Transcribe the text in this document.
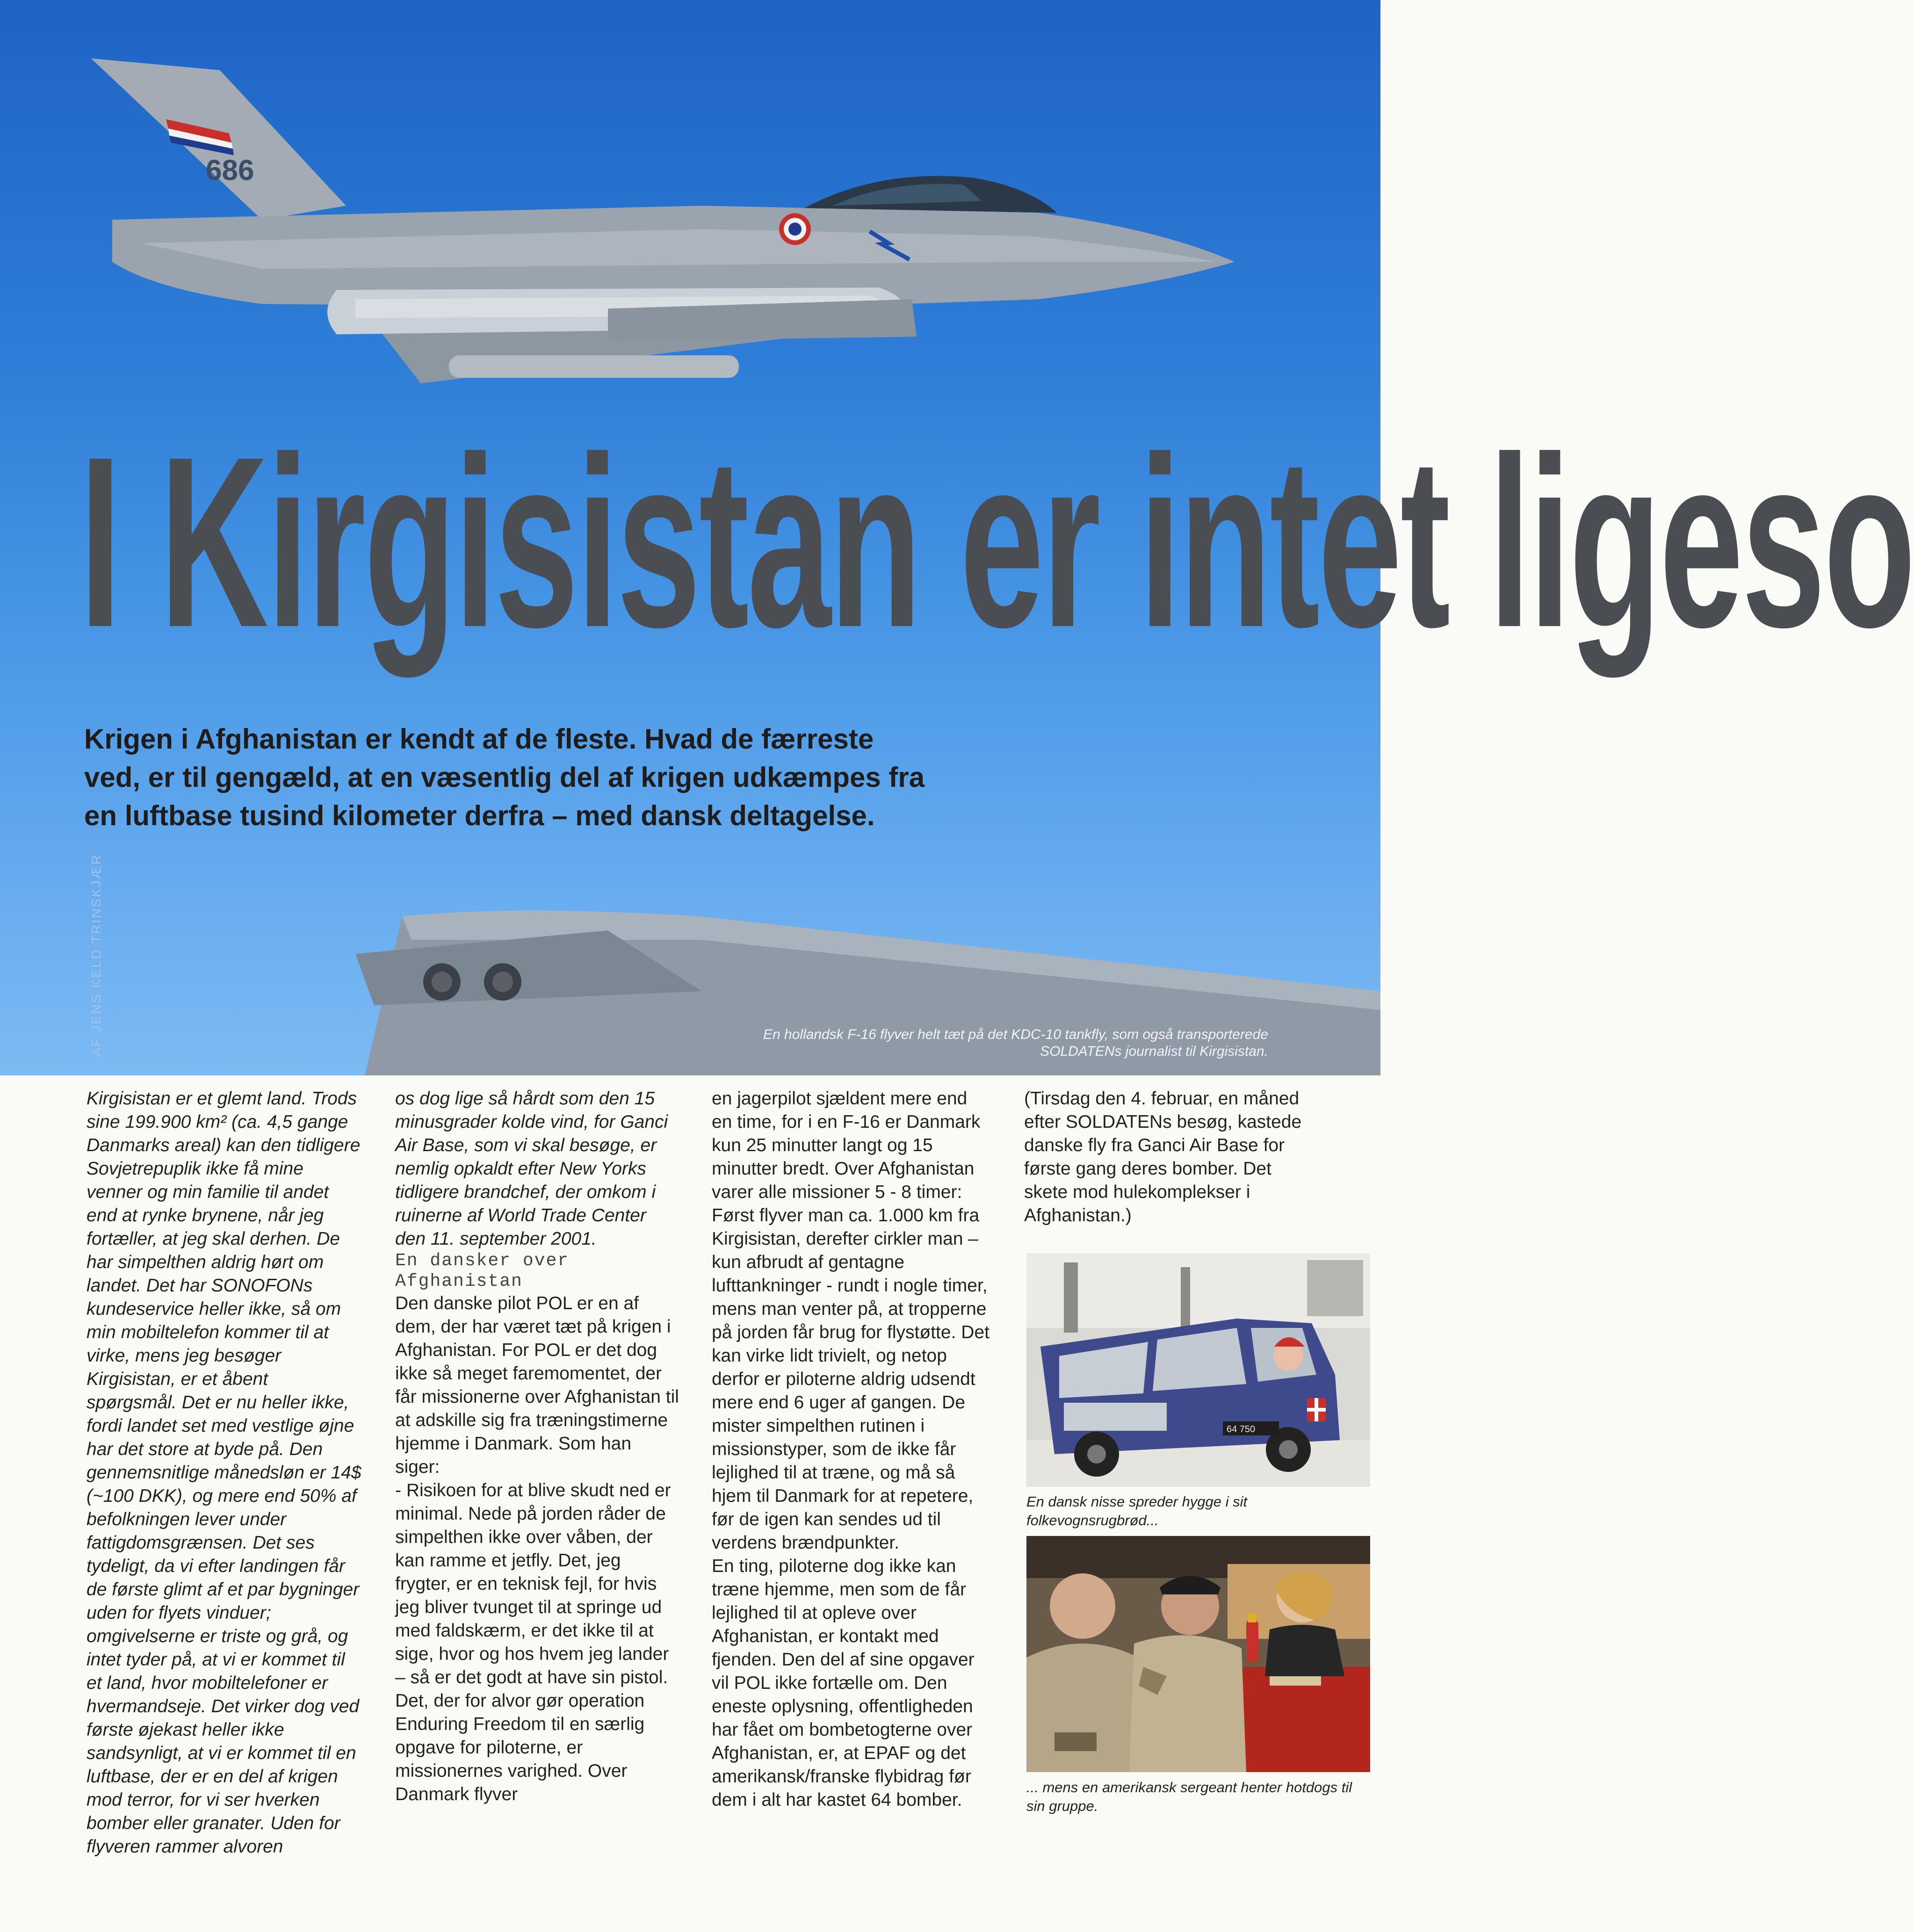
686
I Kirgisistan er intet ligeso
Krigen i Afghanistan er kendt af de fleste. Hvad de færreste ved, er til gengæld, at en væsentlig del af krigen udkæmpes fra en luftbase tusind kilometer derfra – med dansk deltagelse.
AF JENS KELD TRINSKJÆR	En hollandsk F-16 flyver helt tæt på det KDC-10 tankfly, som også transporterede SOLDATENs journalist til Kirgisistan.

Kirgisistan er et glemt land. Trods sine 199.900 km² (ca. 4,5 gange Danmarks areal) kan den tidligere Sovjetrepuplik ikke få mine venner og min familie til andet end at rynke brynene, når jeg fortæller, at jeg skal derhen. De har simpelthen aldrig hørt om landet. Det har SONOFONs kundeservice heller ikke, så om min mobiltelefon kommer til at virke, mens jeg besøger Kirgisistan, er et åbent spørgsmål. Det er nu heller ikke, fordi landet set med vestlige øjne har det store at byde på. Den gennemsnitlige månedsløn er 14$ (~100 DKK), og mere end 50% af befolkningen lever under fattigdomsgrænsen. Det ses tydeligt, da vi efter landingen får de første glimt af et par bygninger uden for flyets vinduer; omgivelserne er triste og grå, og intet tyder på, at vi er kommet til et land, hvor mobiltelefoner er hvermandseje. Det virker dog ved første øjekast heller ikke sandsynligt, at vi er kommet til en luftbase, der er en del af krigen mod terror, for vi ser hverken bomber eller granater. Uden for flyveren rammer alvoren

os dog lige så hårdt som den 15 minusgrader kolde vind, for Ganci Air Base, som vi skal besøge, er nemlig opkaldt efter New Yorks tidligere brandchef, der omkom i ruinerne af World Trade Center den 11. september 2001.

En dansker over Afghanistan

Den danske pilot POL er en af dem, der har været tæt på krigen i Afghanistan. For POL er det dog ikke så meget faremomentet, der får missionerne over Afghanistan til at adskille sig fra træningstimerne hjemme i Danmark. Som han siger:

- Risikoen for at blive skudt ned er minimal. Nede på jorden råder de simpelthen ikke over våben, der kan ramme et jetfly. Det, jeg frygter, er en teknisk fejl, for hvis jeg bliver tvunget til at springe ud med faldskærm, er det ikke til at sige, hvor og hos hvem jeg lander – så er det godt at have sin pistol.

Det, der for alvor gør operation Enduring Freedom til en særlig opgave for piloterne, er missionernes varighed. Over Danmark flyver

en jagerpilot sjældent mere end en time, for i en F-16 er Danmark kun 25 minutter langt og 15 minutter bredt. Over Afghanistan varer alle missioner 5 - 8 timer: Først flyver man ca. 1.000 km fra Kirgisistan, derefter cirkler man – kun afbrudt af gentagne lufttankninger - rundt i nogle timer, mens man venter på, at tropperne på jorden får brug for flystøtte. Det kan virke lidt trivielt, og netop derfor er piloterne aldrig udsendt mere end 6 uger af gangen. De mister simpelthen rutinen i missionstyper, som de ikke får lejlighed til at træne, og må så hjem til Danmark for at repetere, før de igen kan sendes ud til verdens brændpunkter.

En ting, piloterne dog ikke kan træne hjemme, men som de får lejlighed til at opleve over Afghanistan, er kontakt med fjenden. Den del af sine opgaver vil POL ikke fortælle om. Den eneste oplysning, offentligheden har fået om bombetogterne over Afghanistan, er, at EPAF og det amerikansk/franske flybidrag før dem i alt har kastet 64 bomber.

(Tirsdag den 4. februar, en måned efter SOLDATENs besøg, kastede danske fly fra Ganci Air Base for første gang deres bomber. Det skete mod hulekomplekser i Afghanistan.)

64 750
En dansk nisse spreder hygge i sit folkevognsrugbrød...
... mens en amerikansk sergeant henter hotdogs til sin gruppe.
